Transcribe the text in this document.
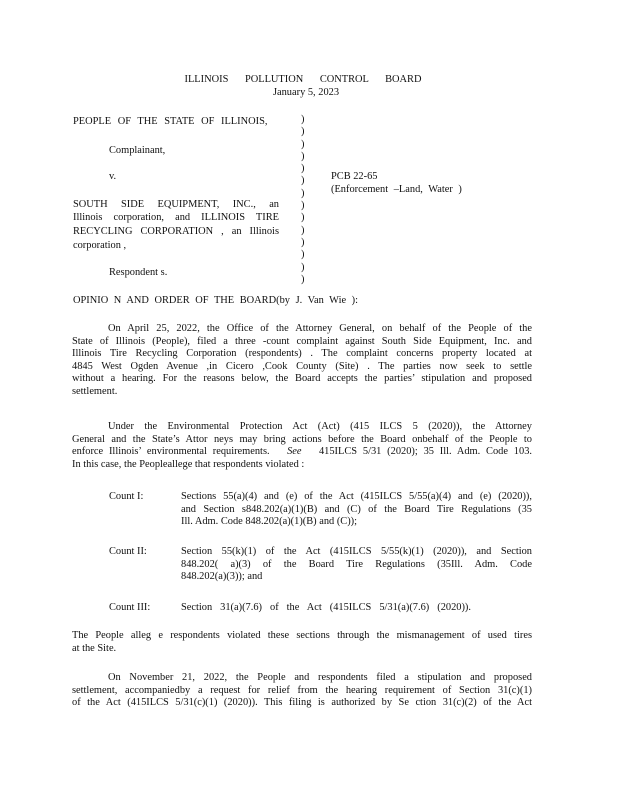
ILLINOIS POLLUTION CONTROL BOARD
January 5, 2023
PEOPLE OF THE STATE OF ILLINOIS,
Complainant,
v.
)
)
)
)
)
)
)
)
)
)
)
)
)
)
PCB 22-65
(Enforcement –Land, Water )
SOUTH SIDE EQUIPMENT, INC., an
Illinois corporation, and ILLINOIS TIRE
RECYCLING CORPORATION , an Illinois
corporation ,
Respondent s.
OPINIO N AND ORDER OF THE BOARD(by J. Van Wie ):
On April 25, 2022, the Office of the Attorney General, on behalf of the People of the
State of Illinois (People), filed a three -count complaint against South Side Equipment, Inc. and
Illinois Tire Recycling Corporation (respondents) . The complaint concerns property located at
4845 West Ogden Avenue ,in Cicero ,Cook County (Site) . The parties now seek to settle
without a hearing. For the reasons below, the Board accepts the parties’ stipulation and proposed
settlement.
Under the Environmental Protection Act (Act) (415 ILCS 5 (2020)), the Attorney
General and the State’s Attor neys may bring actions before the Board onbehalf of the People to
enforce Illinois’ environmental requirements. See 415ILCS 5/31 (2020); 35 Ill. Adm. Code 103.
In this case, the Peopleallege that respondents violated :
Count I:	Sections 55(a)(4) and (e) of the Act (415ILCS 5/55(a)(4) and (e) (2020)),
and Section s848.202(a)(1)(B) and (C) of the Board Tire Regulations (35
Ill. Adm. Code 848.202(a)(1)(B) and (C));
Count II:	Section 55(k)(1) of the Act (415ILCS 5/55(k)(1) (2020)), and Section
848.202( a)(3) of the Board Tire Regulations (35Ill. Adm. Code
848.202(a)(3)); and
Count III:	Section 31(a)(7.6) of the Act (415ILCS 5/31(a)(7.6) (2020)).
The People alleg e respondents violated these sections through the mismanagement of used tires
at the Site.
On November 21, 2022, the People and respondents filed a stipulation and proposed
settlement, accompaniedby a request for relief from the hearing requirement of Section 31(c)(1)
of the Act (415ILCS 5/31(c)(1) (2020)). This filing is authorized by Se ction 31(c)(2) of the Act
